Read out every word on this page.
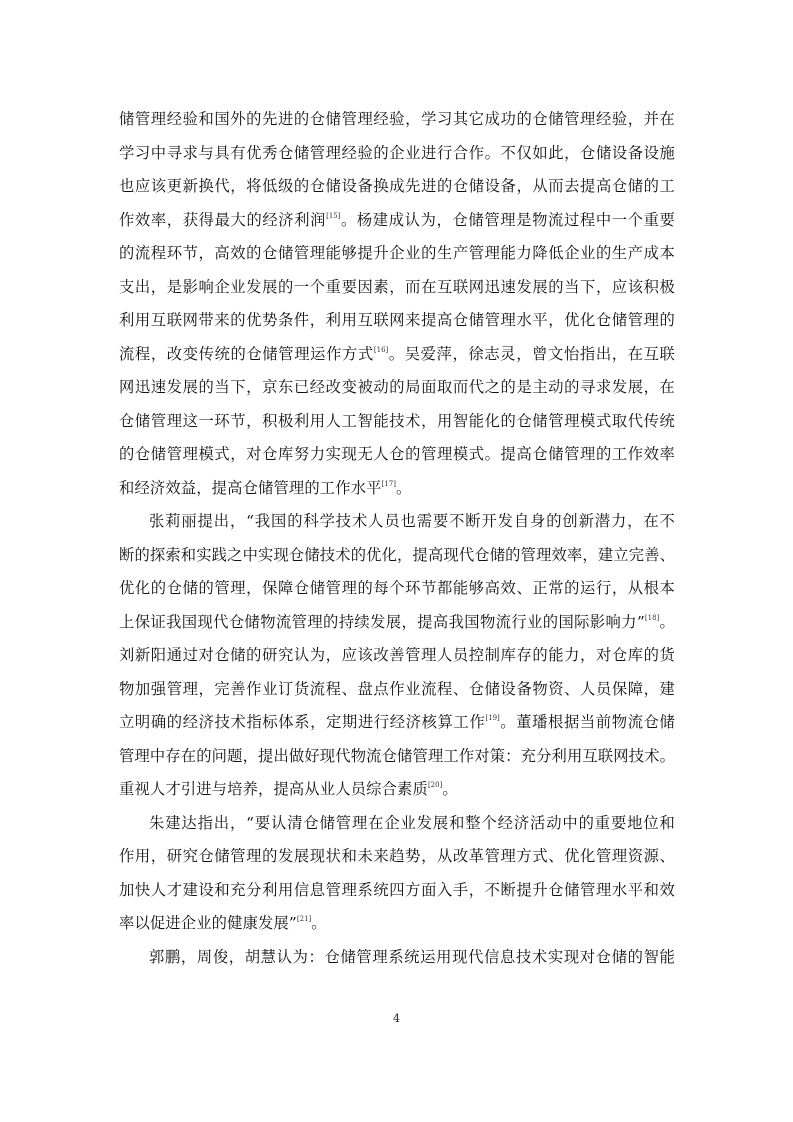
储管理经验和国外的先进的仓储管理经验，学习其它成功的仓储管理经验，并在
学习中寻求与具有优秀仓储管理经验的企业进行合作。不仅如此，仓储设备设施
也应该更新换代，将低级的仓储设备换成先进的仓储设备，从而去提高仓储的工
作效率，获得最大的经济利润[15]。杨建成认为，仓储管理是物流过程中一个重要
的流程环节，高效的仓储管理能够提升企业的生产管理能力降低企业的生产成本
支出，是影响企业发展的一个重要因素，而在互联网迅速发展的当下，应该积极
利用互联网带来的优势条件，利用互联网来提高仓储管理水平，优化仓储管理的
流程，改变传统的仓储管理运作方式[16]。吴爱萍，徐志灵，曾文怡指出，在互联
网迅速发展的当下，京东已经改变被动的局面取而代之的是主动的寻求发展，在
仓储管理这一环节，积极利用人工智能技术，用智能化的仓储管理模式取代传统
的仓储管理模式，对仓库努力实现无人仓的管理模式。提高仓储管理的工作效率
和经济效益，提高仓储管理的工作水平[17]。
张莉丽提出，“我国的科学技术人员也需要不断开发自身的创新潜力，在不
断的探索和实践之中实现仓储技术的优化，提高现代仓储的管理效率，建立完善、
优化的仓储的管理，保障仓储管理的每个环节都能够高效、正常的运行，从根本
上保证我国现代仓储物流管理的持续发展，提高我国物流行业的国际影响力”[18]。
刘新阳通过对仓储的研究认为，应该改善管理人员控制库存的能力，对仓库的货
物加强管理，完善作业订货流程、盘点作业流程、仓储设备物资、人员保障，建
立明确的经济技术指标体系，定期进行经济核算工作[19]。董璠根据当前物流仓储
管理中存在的问题，提出做好现代物流仓储管理工作对策：充分利用互联网技术。
重视人才引进与培养，提高从业人员综合素质[20]。
朱建达指出，“要认清仓储管理在企业发展和整个经济活动中的重要地位和
作用，研究仓储管理的发展现状和未来趋势，从改革管理方式、优化管理资源、
加快人才建设和充分利用信息管理系统四方面入手，不断提升仓储管理水平和效
率以促进企业的健康发展”[21]。
郭鹏，周俊，胡慧认为：仓储管理系统运用现代信息技术实现对仓储的智能
4
